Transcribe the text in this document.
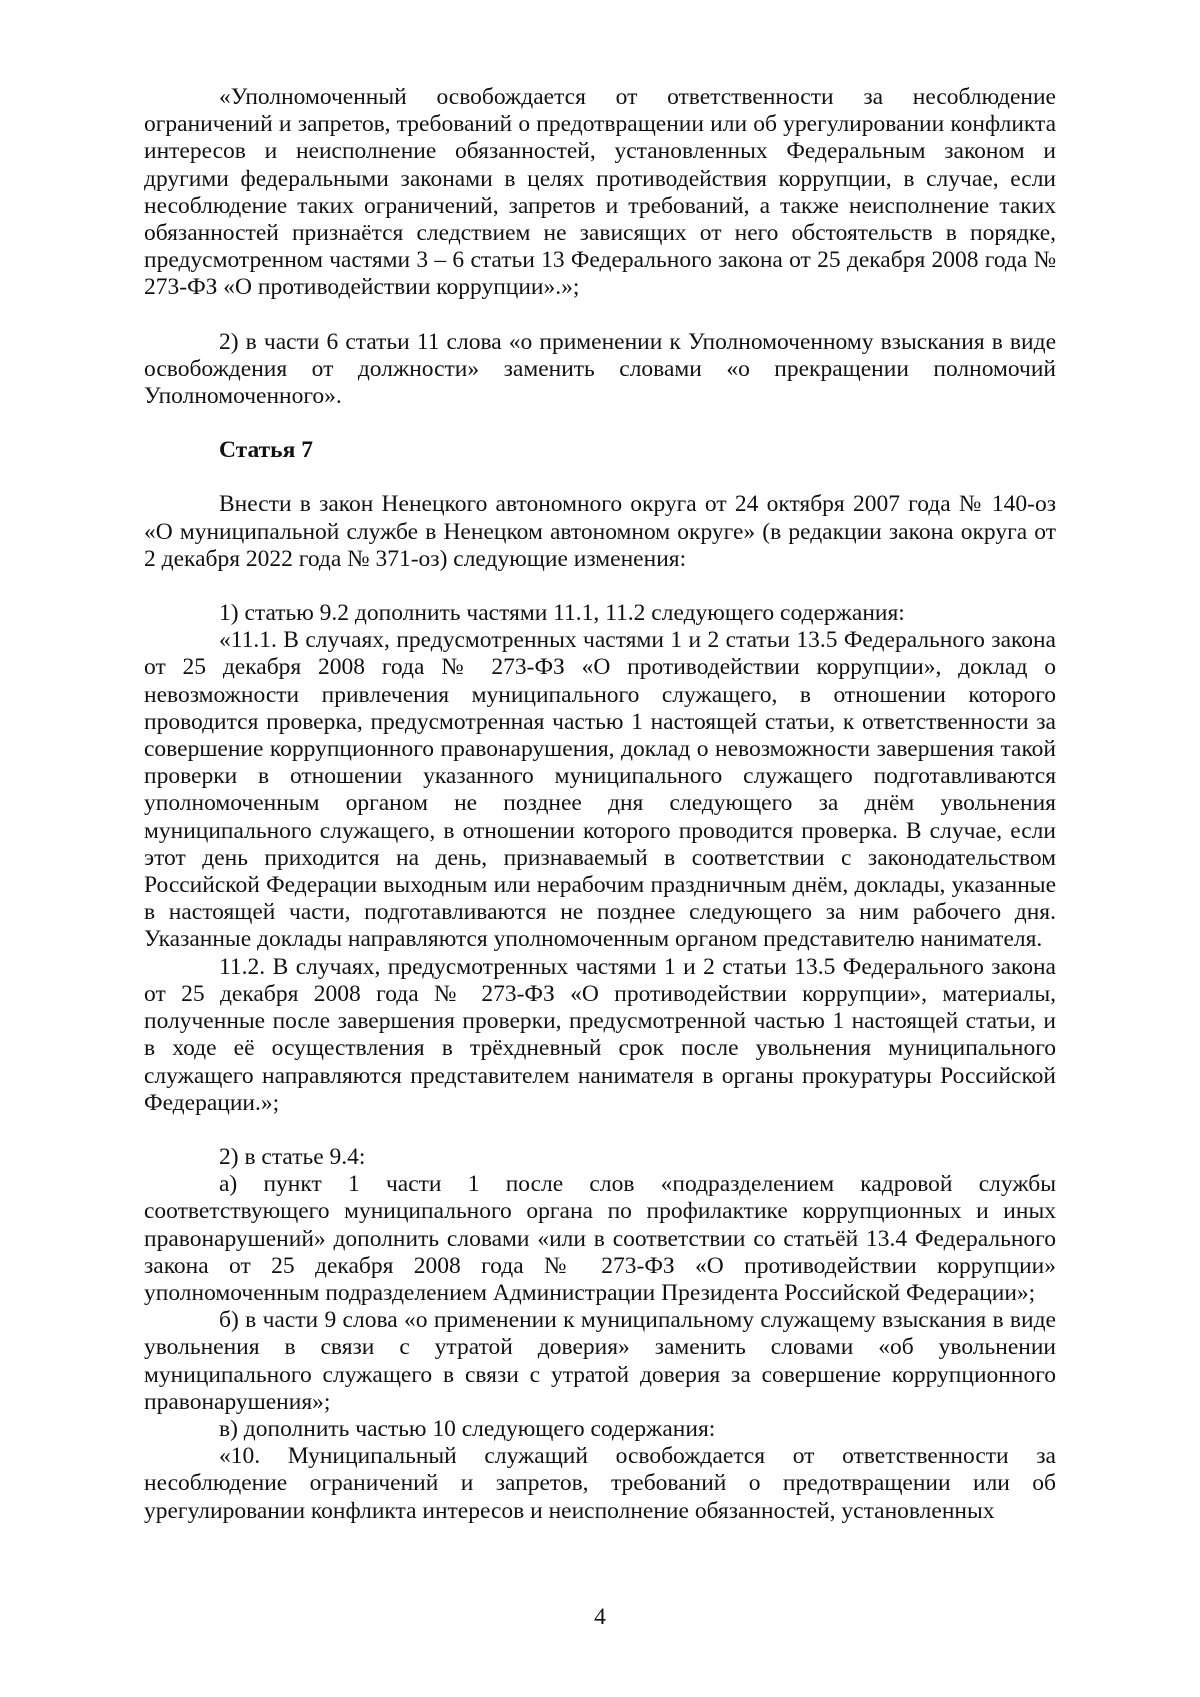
«Уполномоченный освобождается от ответственности за несоблюдение ограничений и запретов, требований о предотвращении или об урегулировании конфликта интересов и неисполнение обязанностей, установленных Федеральным законом и другими федеральными законами в целях противодействия коррупции, в случае, если несоблюдение таких ограничений, запретов и требований, а также неисполнение таких обязанностей признаётся следствием не зависящих от него обстоятельств в порядке, предусмотренном частями 3 – 6 статьи 13 Федерального закона от 25 декабря 2008 года № 273-ФЗ «О противодействии коррупции».»;

2) в части 6 статьи 11 слова «о применении к Уполномоченному взыскания в виде освобождения от должности» заменить словами «о прекращении полномочий Уполномоченного».

Статья 7

Внести в закон Ненецкого автономного округа от 24 октября 2007 года № 140-оз «О муниципальной службе в Ненецком автономном округе» (в редакции закона округа от 2 декабря 2022 года № 371-оз) следующие изменения:

1) статью 9.2 дополнить частями 11.1, 11.2 следующего содержания:

«11.1. В случаях, предусмотренных частями 1 и 2 статьи 13.5 Федерального закона от 25 декабря 2008 года № 273-ФЗ «О противодействии коррупции», доклад о невозможности привлечения муниципального служащего, в отношении которого проводится проверка, предусмотренная частью 1 настоящей статьи, к ответственности за совершение коррупционного правонарушения, доклад о невозможности завершения такой проверки в отношении указанного муниципального служащего подготавливаются уполномоченным органом не позднее дня следующего за днём увольнения муниципального служащего, в отношении которого проводится проверка. В случае, если этот день приходится на день, признаваемый в соответствии с законодательством Российской Федерации выходным или нерабочим праздничным днём, доклады, указанные в настоящей части, подготавливаются не позднее следующего за ним рабочего дня. Указанные доклады направляются уполномоченным органом представителю нанимателя.

11.2. В случаях, предусмотренных частями 1 и 2 статьи 13.5 Федерального закона от 25 декабря 2008 года № 273-ФЗ «О противодействии коррупции», материалы, полученные после завершения проверки, предусмотренной частью 1 настоящей статьи, и в ходе её осуществления в трёхдневный срок после увольнения муниципального служащего направляются представителем нанимателя в органы прокуратуры Российской Федерации.»;

2) в статье 9.4:

а) пункт 1 части 1 после слов «подразделением кадровой службы соответствующего муниципального органа по профилактике коррупционных и иных правонарушений» дополнить словами «или в соответствии со статьёй 13.4 Федерального закона от 25 декабря 2008 года № 273-ФЗ «О противодействии коррупции» уполномоченным подразделением Администрации Президента Российской Федерации»;

б) в части 9 слова «о применении к муниципальному служащему взыскания в виде увольнения в связи с утратой доверия» заменить словами «об увольнении муниципального служащего в связи с утратой доверия за совершение коррупционного правонарушения»;

в) дополнить частью 10 следующего содержания:

«10. Муниципальный служащий освобождается от ответственности за несоблюдение ограничений и запретов, требований о предотвращении или об урегулировании конфликта интересов и неисполнение обязанностей, установленных

4
